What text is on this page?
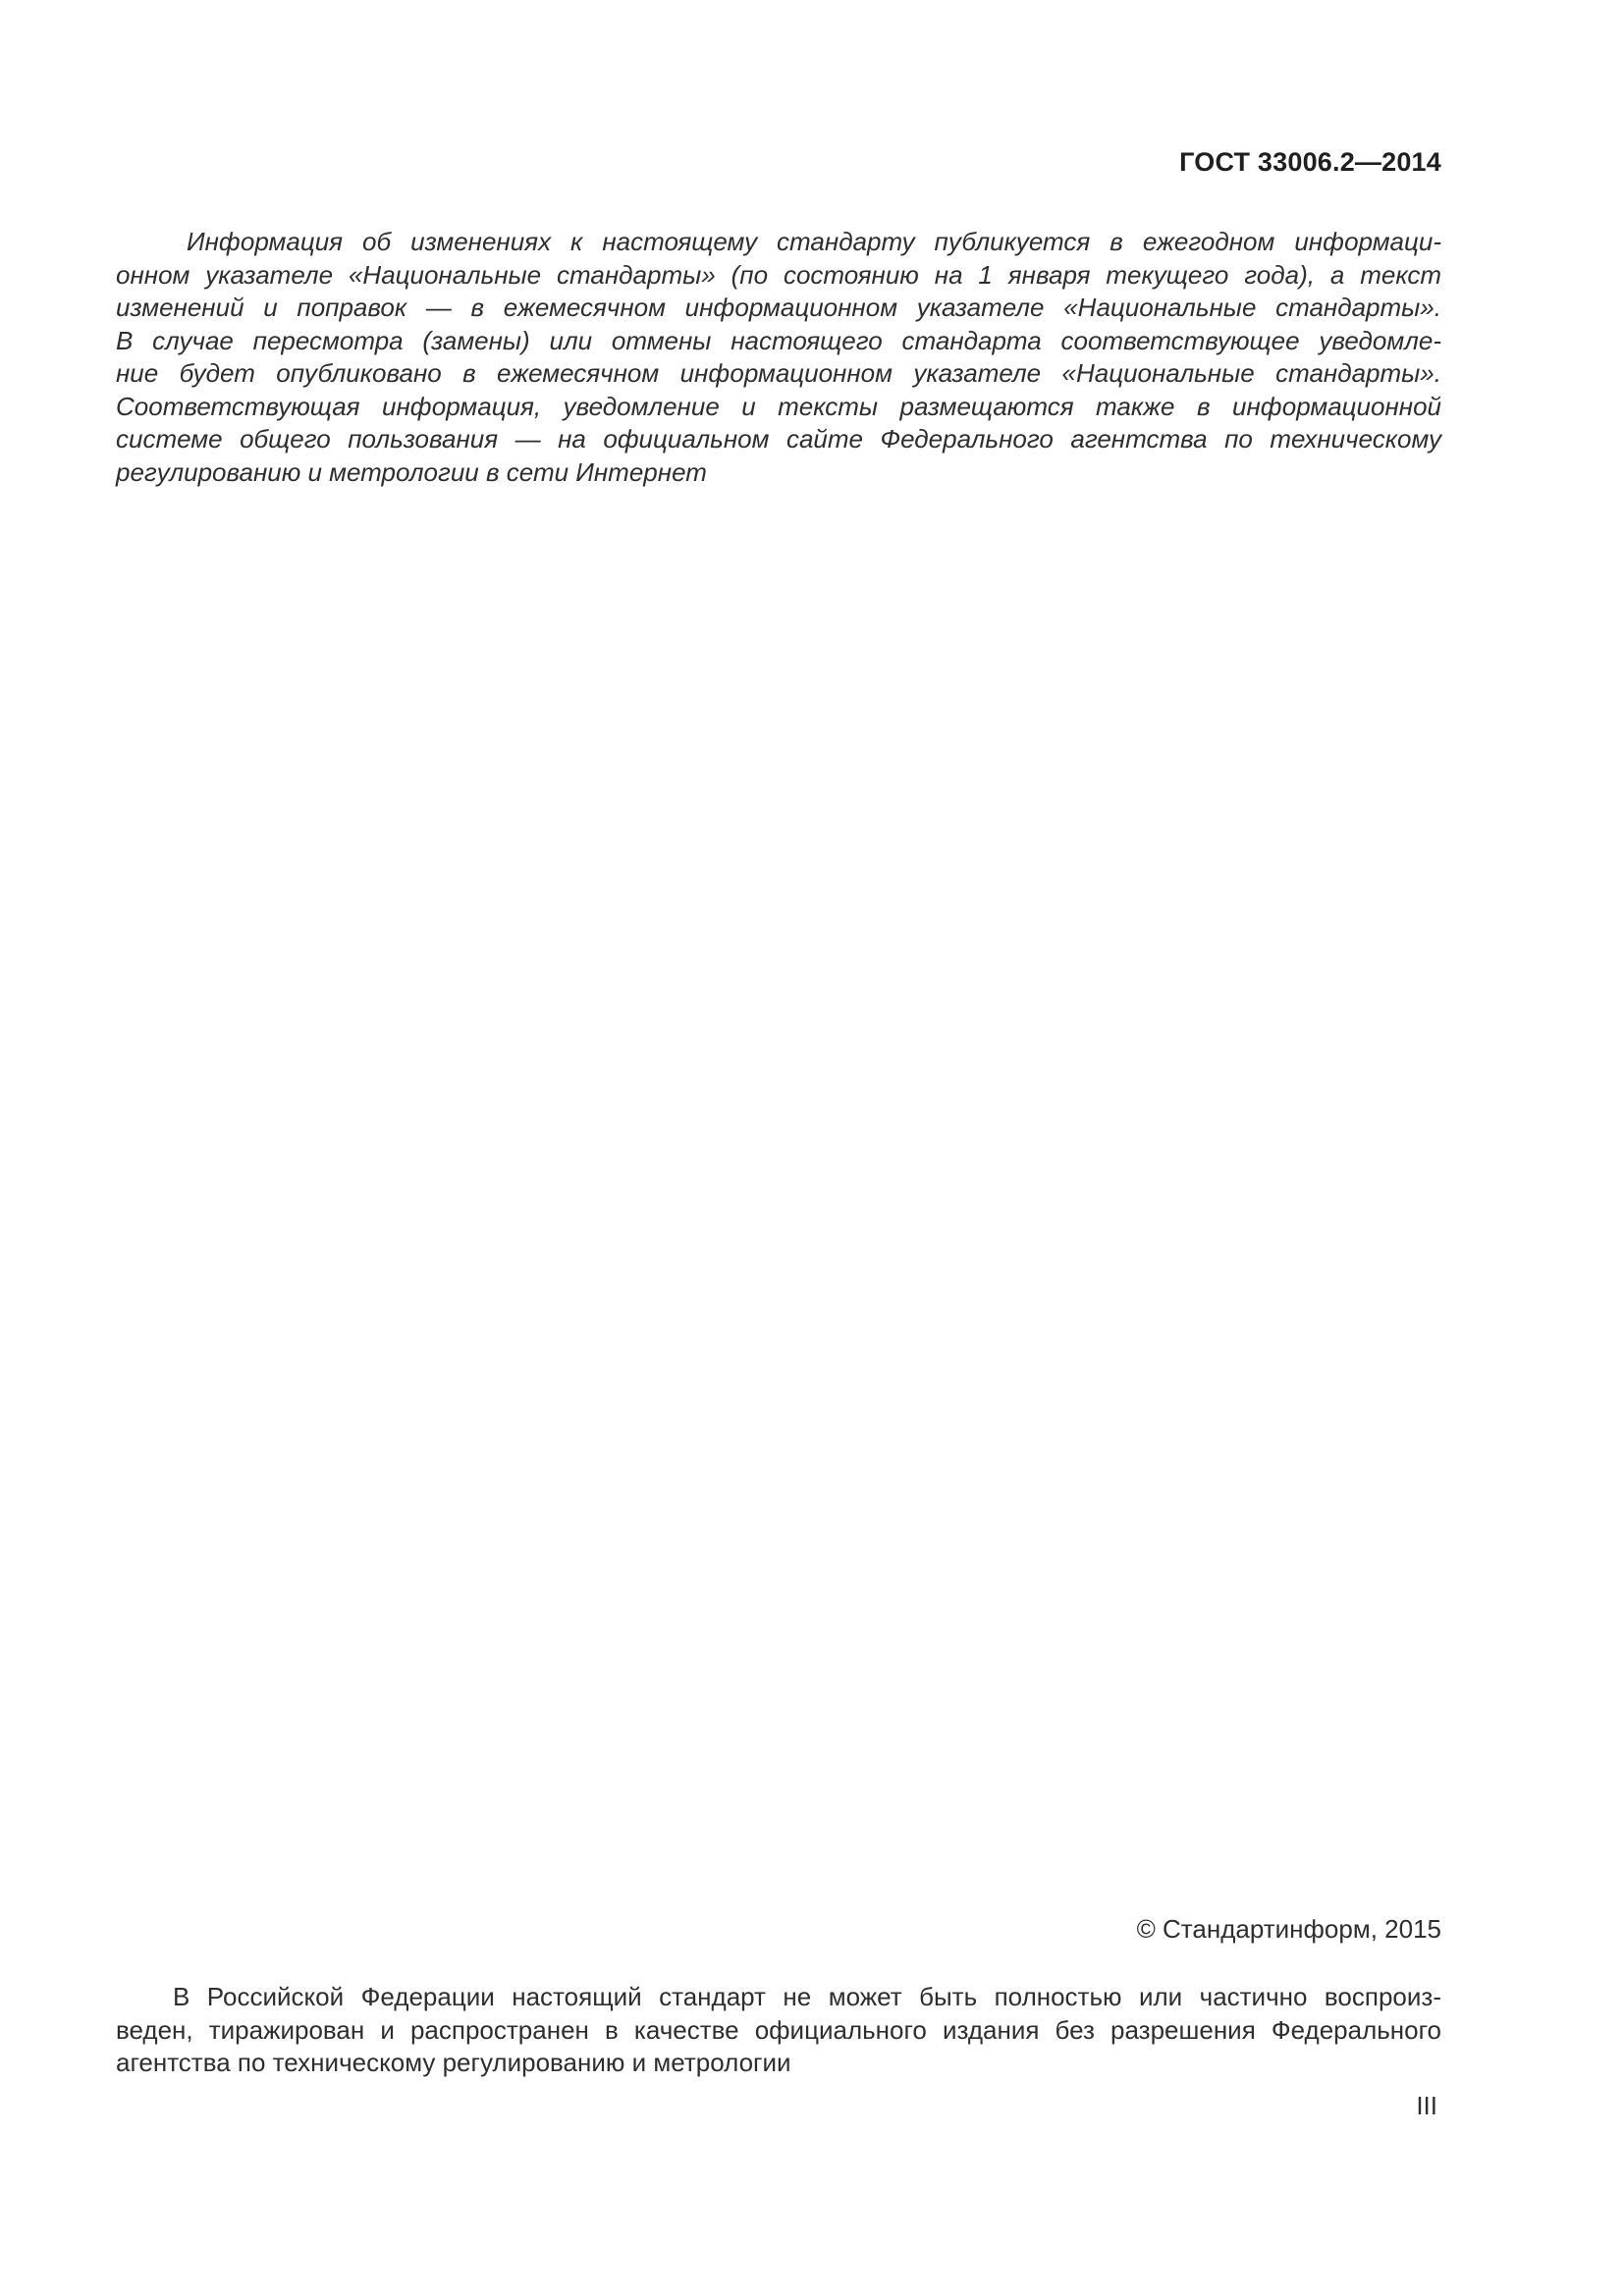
ГОСТ 33006.2—2014
Информация об изменениях к настоящему стандарту публикуется в ежегодном информаци-
онном указателе «Национальные стандарты» (по состоянию на 1 января текущего года), а текст
изменений и поправок — в ежемесячном информационном указателе «Национальные стандарты».
В случае пересмотра (замены) или отмены настоящего стандарта соответствующее уведомле-
ние будет опубликовано в ежемесячном информационном указателе «Национальные стандарты».
Соответствующая информация, уведомление и тексты размещаются также в информационной
системе общего пользования — на официальном сайте Федерального агентства по техническому
регулированию и метрологии в сети Интернет
© Стандартинформ, 2015
В Российской Федерации настоящий стандарт не может быть полностью или частично воспроиз-
веден, тиражирован и распространен в качестве официального издания без разрешения Федерального
агентства по техническому регулированию и метрологии
III
